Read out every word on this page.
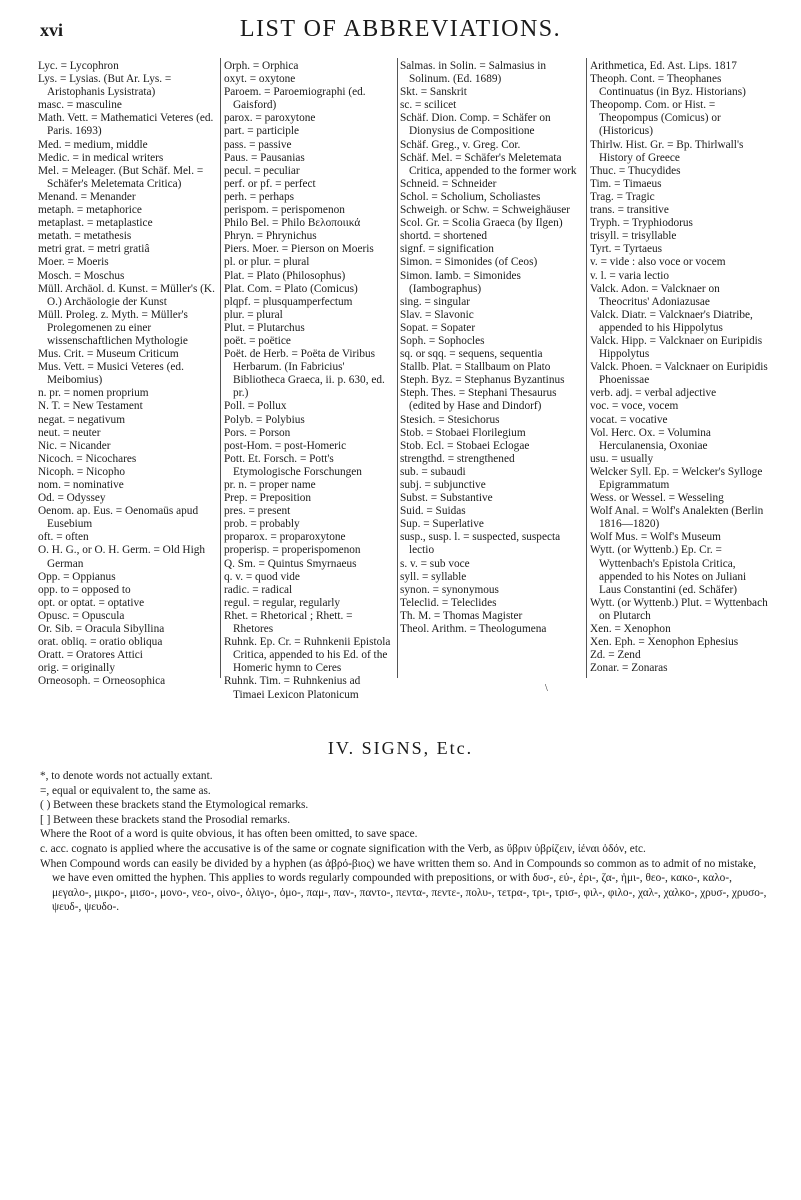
xvi	LIST OF ABBREVIATIONS.
Lyc. = Lycophron
Lys. = Lysias. (But Ar. Lys. = Aristophanis Lysistrata)
masc. = masculine
Math. Vett. = Mathematici Veteres (ed. Paris. 1693)
Med. = medium, middle
Medic. = in medical writers
Mel. = Meleager. (But Schäf. Mel. = Schäfer's Meletemata Critica)
Menand. = Menander
metaph. = metaphorice
metaplast. = metaplastice
metath. = metathesis
metri grat. = metri gratiâ
Moer. = Moeris
Mosch. = Moschus
Müll. Archäol. d. Kunst. = Müller's (K. O.) Archäologie der Kunst
Müll. Proleg. z. Myth. = Müller's Prolegomenen zu einer wissenschaftlichen Mythologie
Mus. Crit. = Museum Criticum
Mus. Vett. = Musici Veteres (ed. Meibomius)
n. pr. = nomen proprium
N. T. = New Testament
negat. = negativum
neut. = neuter
Nic. = Nicander
Nicoch. = Nicochares
Nicoph. = Nicopho
nom. = nominative
Od. = Odyssey
Oenom. ap. Eus. = Oenomaüs apud Eusebium
oft. = often
O. H. G., or O. H. Germ. = Old High German
Opp. = Oppianus
opp. to = opposed to
opt. or optat. = optative
Opusc. = Opuscula
Or. Sib. = Oracula Sibyllina
orat. obliq. = oratio obliqua
Oratt. = Oratores Attici
orig. = originally
Orneosoph. = Orneosophica
Orph. = Orphica
oxyt. = oxytone
Paroem. = Paroemiographi (ed. Gaisford)
parox. = paroxytone
part. = participle
pass. = passive
Paus. = Pausanias
pecul. = peculiar
perf. or pf. = perfect
perh. = perhaps
perispom. = perispomenon
Philo Bel. = Philo Βελοποιικά
Phryn. = Phrynichus
Piers. Moer. = Pierson on Moeris
pl. or plur. = plural
Plat. = Plato (Philosophus)
Plat. Com. = Plato (Comicus)
plqpf. = plusquamperfectum
plur. = plural
Plut. = Plutarchus
poët. = poëtice
Poët. de Herb. = Poëta de Viribus Herbarum. (In Fabricius' Bibliotheca Graeca, ii. p. 630, ed. pr.)
Poll. = Pollux
Polyb. = Polybius
Pors. = Porson
post-Hom. = post-Homeric
Pott. Et. Forsch. = Pott's Etymologische Forschungen
pr. n. = proper name
Prep. = Preposition
pres. = present
prob. = probably
proparox. = proparoxytone
properisp. = properispomenon
Q. Sm. = Quintus Smyrnaeus
q. v. = quod vide
radic. = radical
regul. = regular, regularly
Rhet. = Rhetorical ; Rhett. = Rhetores
Ruhnk. Ep. Cr. = Ruhnkenii Epistola Critica, appended to his Ed. of the Homeric hymn to Ceres
Ruhnk. Tim. = Ruhnkenius ad Timaei Lexicon Platonicum
Salmas. in Solin. = Salmasius in Solinum. (Ed. 1689)
Skt. = Sanskrit
sc. = scilicet
Schäf. Dion. Comp. = Schäfer on Dionysius de Compositione
Schäf. Greg., v. Greg. Cor.
Schäf. Mel. = Schäfer's Meletemata Critica, appended to the former work
Schneid. = Schneider
Schol. = Scholium, Scholiastes
Schweigh. or Schw. = Schweighäuser
Scol. Gr. = Scolia Graeca (by Ilgen)
shortd. = shortened
signf. = signification
Simon. = Simonides (of Ceos)
Simon. Iamb. = Simonides (Iambographus)
sing. = singular
Slav. = Slavonic
Sopat. = Sopater
Soph. = Sophocles
sq. or sqq. = sequens, sequentia
Stallb. Plat. = Stallbaum on Plato
Steph. Byz. = Stephanus Byzantinus
Steph. Thes. = Stephani Thesaurus (edited by Hase and Dindorf)
Stesich. = Stesichorus
Stob. = Stobaei Florilegium
Stob. Ecl. = Stobaei Eclogae
strengthd. = strengthened
sub. = subaudi
subj. = subjunctive
Subst. = Substantive
Suid. = Suidas
Sup. = Superlative
susp., susp. l. = suspected, suspecta lectio
s. v. = sub voce
syll. = syllable
synon. = synonymous
Teleclid. = Teleclides
Th. M. = Thomas Magister
Theol. Arithm. = Theologumena
Arithmetica, Ed. Ast. Lips. 1817
Theoph. Cont. = Theophanes Continuatus (in Byz. Historians)
Theopomp. Com. or Hist. = Theopompus (Comicus) or (Historicus)
Thirlw. Hist. Gr. = Bp. Thirlwall's History of Greece
Thuc. = Thucydides
Tim. = Timaeus
Trag. = Tragic
trans. = transitive
Tryph. = Tryphiodorus
trisyll. = trisyllable
Tyrt. = Tyrtaeus
v. = vide : also voce or vocem
v. l. = varia lectio
Valck. Adon. = Valcknaer on Theocritus' Adoniazusae
Valck. Diatr. = Valcknaer's Diatribe, appended to his Hippolytus
Valck. Hipp. = Valcknaer on Euripidis Hippolytus
Valck. Phoen. = Valcknaer on Euripidis Phoenissae
verb. adj. = verbal adjective
voc. = voce, vocem
vocat. = vocative
Vol. Herc. Ox. = Volumina Herculanensia, Oxoniae
usu. = usually
Welcker Syll. Ep. = Welcker's Sylloge Epigrammatum
Wess. or Wessel. = Wesseling
Wolf Anal. = Wolf's Analekten (Berlin 1816—1820)
Wolf Mus. = Wolf's Museum
Wytt. (or Wyttenb.) Ep. Cr. = Wyttenbach's Epistola Critica, appended to his Notes on Juliani Laus Constantini (ed. Schäfer)
Wytt. (or Wyttenb.) Plut. = Wyttenbach on Plutarch
Xen. = Xenophon
Xen. Eph. = Xenophon Ephesius
Zd. = Zend
Zonar. = Zonaras
\
IV. SIGNS, Etc.
*, to denote words not actually extant.
=, equal or equivalent to, the same as.
( ) Between these brackets stand the Etymological remarks.
[ ] Between these brackets stand the Prosodial remarks.
Where the Root of a word is quite obvious, it has often been omitted, to save space.
c. acc. cognato is applied where the accusative is of the same or cognate signification with the Verb, as ὕβριν ὑβρίζειν, ἰέναι ὁδόν, etc.
When Compound words can easily be divided by a hyphen (as ἁβρό-βιος) we have written them so. And in Compounds so common as to admit of no mistake, we have even omitted the hyphen. This applies to words regularly compounded with prepositions, or with δυσ-, εὐ-, ἐρι-, ζα-, ἡμι-, θεο-, κακο-, καλο-, μεγαλο-, μικρο-, μισο-, μονο-, νεο-, οἰνο-, ὀλιγο-, ὀμο-, παμ-, παν-, παντο-, πεντα-, πεντε-, πολυ-, τετρα-, τρι-, τρισ-, φιλ-, φιλο-, χαλ-, χαλκο-, χρυσ-, χρυσο-, ψευδ-, ψευδο-.
